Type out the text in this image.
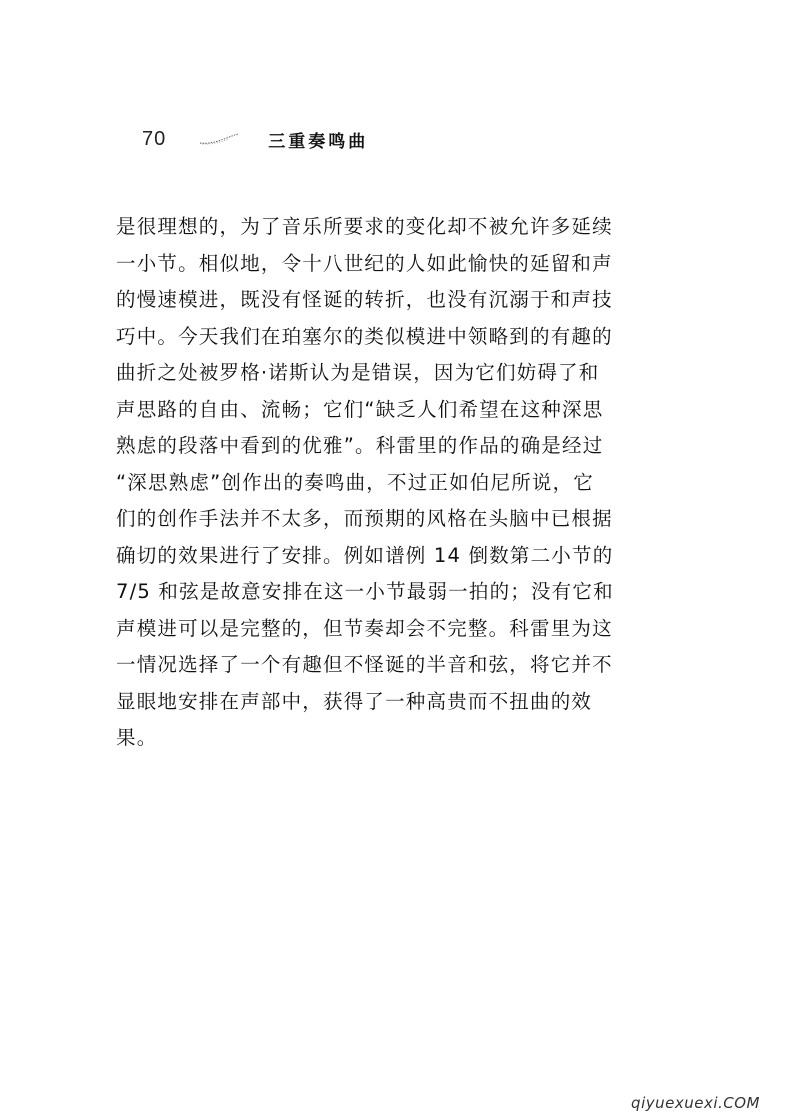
70	三重奏鸣曲
是很理想的，为了音乐所要求的变化却不被允许多延续
一小节。相似地，令十八世纪的人如此愉快的延留和声
的慢速模进，既没有怪诞的转折，也没有沉溺于和声技
巧中。今天我们在珀塞尔的类似模进中领略到的有趣的
曲折之处被罗格·诺斯认为是错误，因为它们妨碍了和
声思路的自由、流畅；它们“缺乏人们希望在这种深思
熟虑的段落中看到的优雅”。科雷里的作品的确是经过
“深思熟虑”创作出的奏鸣曲，不过正如伯尼所说，它
们的创作手法并不太多，而预期的风格在头脑中已根据
确切的效果进行了安排。例如谱例 14 倒数第二小节的
7/5 和弦是故意安排在这一小节最弱一拍的；没有它和
声模进可以是完整的，但节奏却会不完整。科雷里为这
一情况选择了一个有趣但不怪诞的半音和弦，将它并不
显眼地安排在声部中，获得了一种高贵而不扭曲的效
果。
qiyuexuexi.COM
